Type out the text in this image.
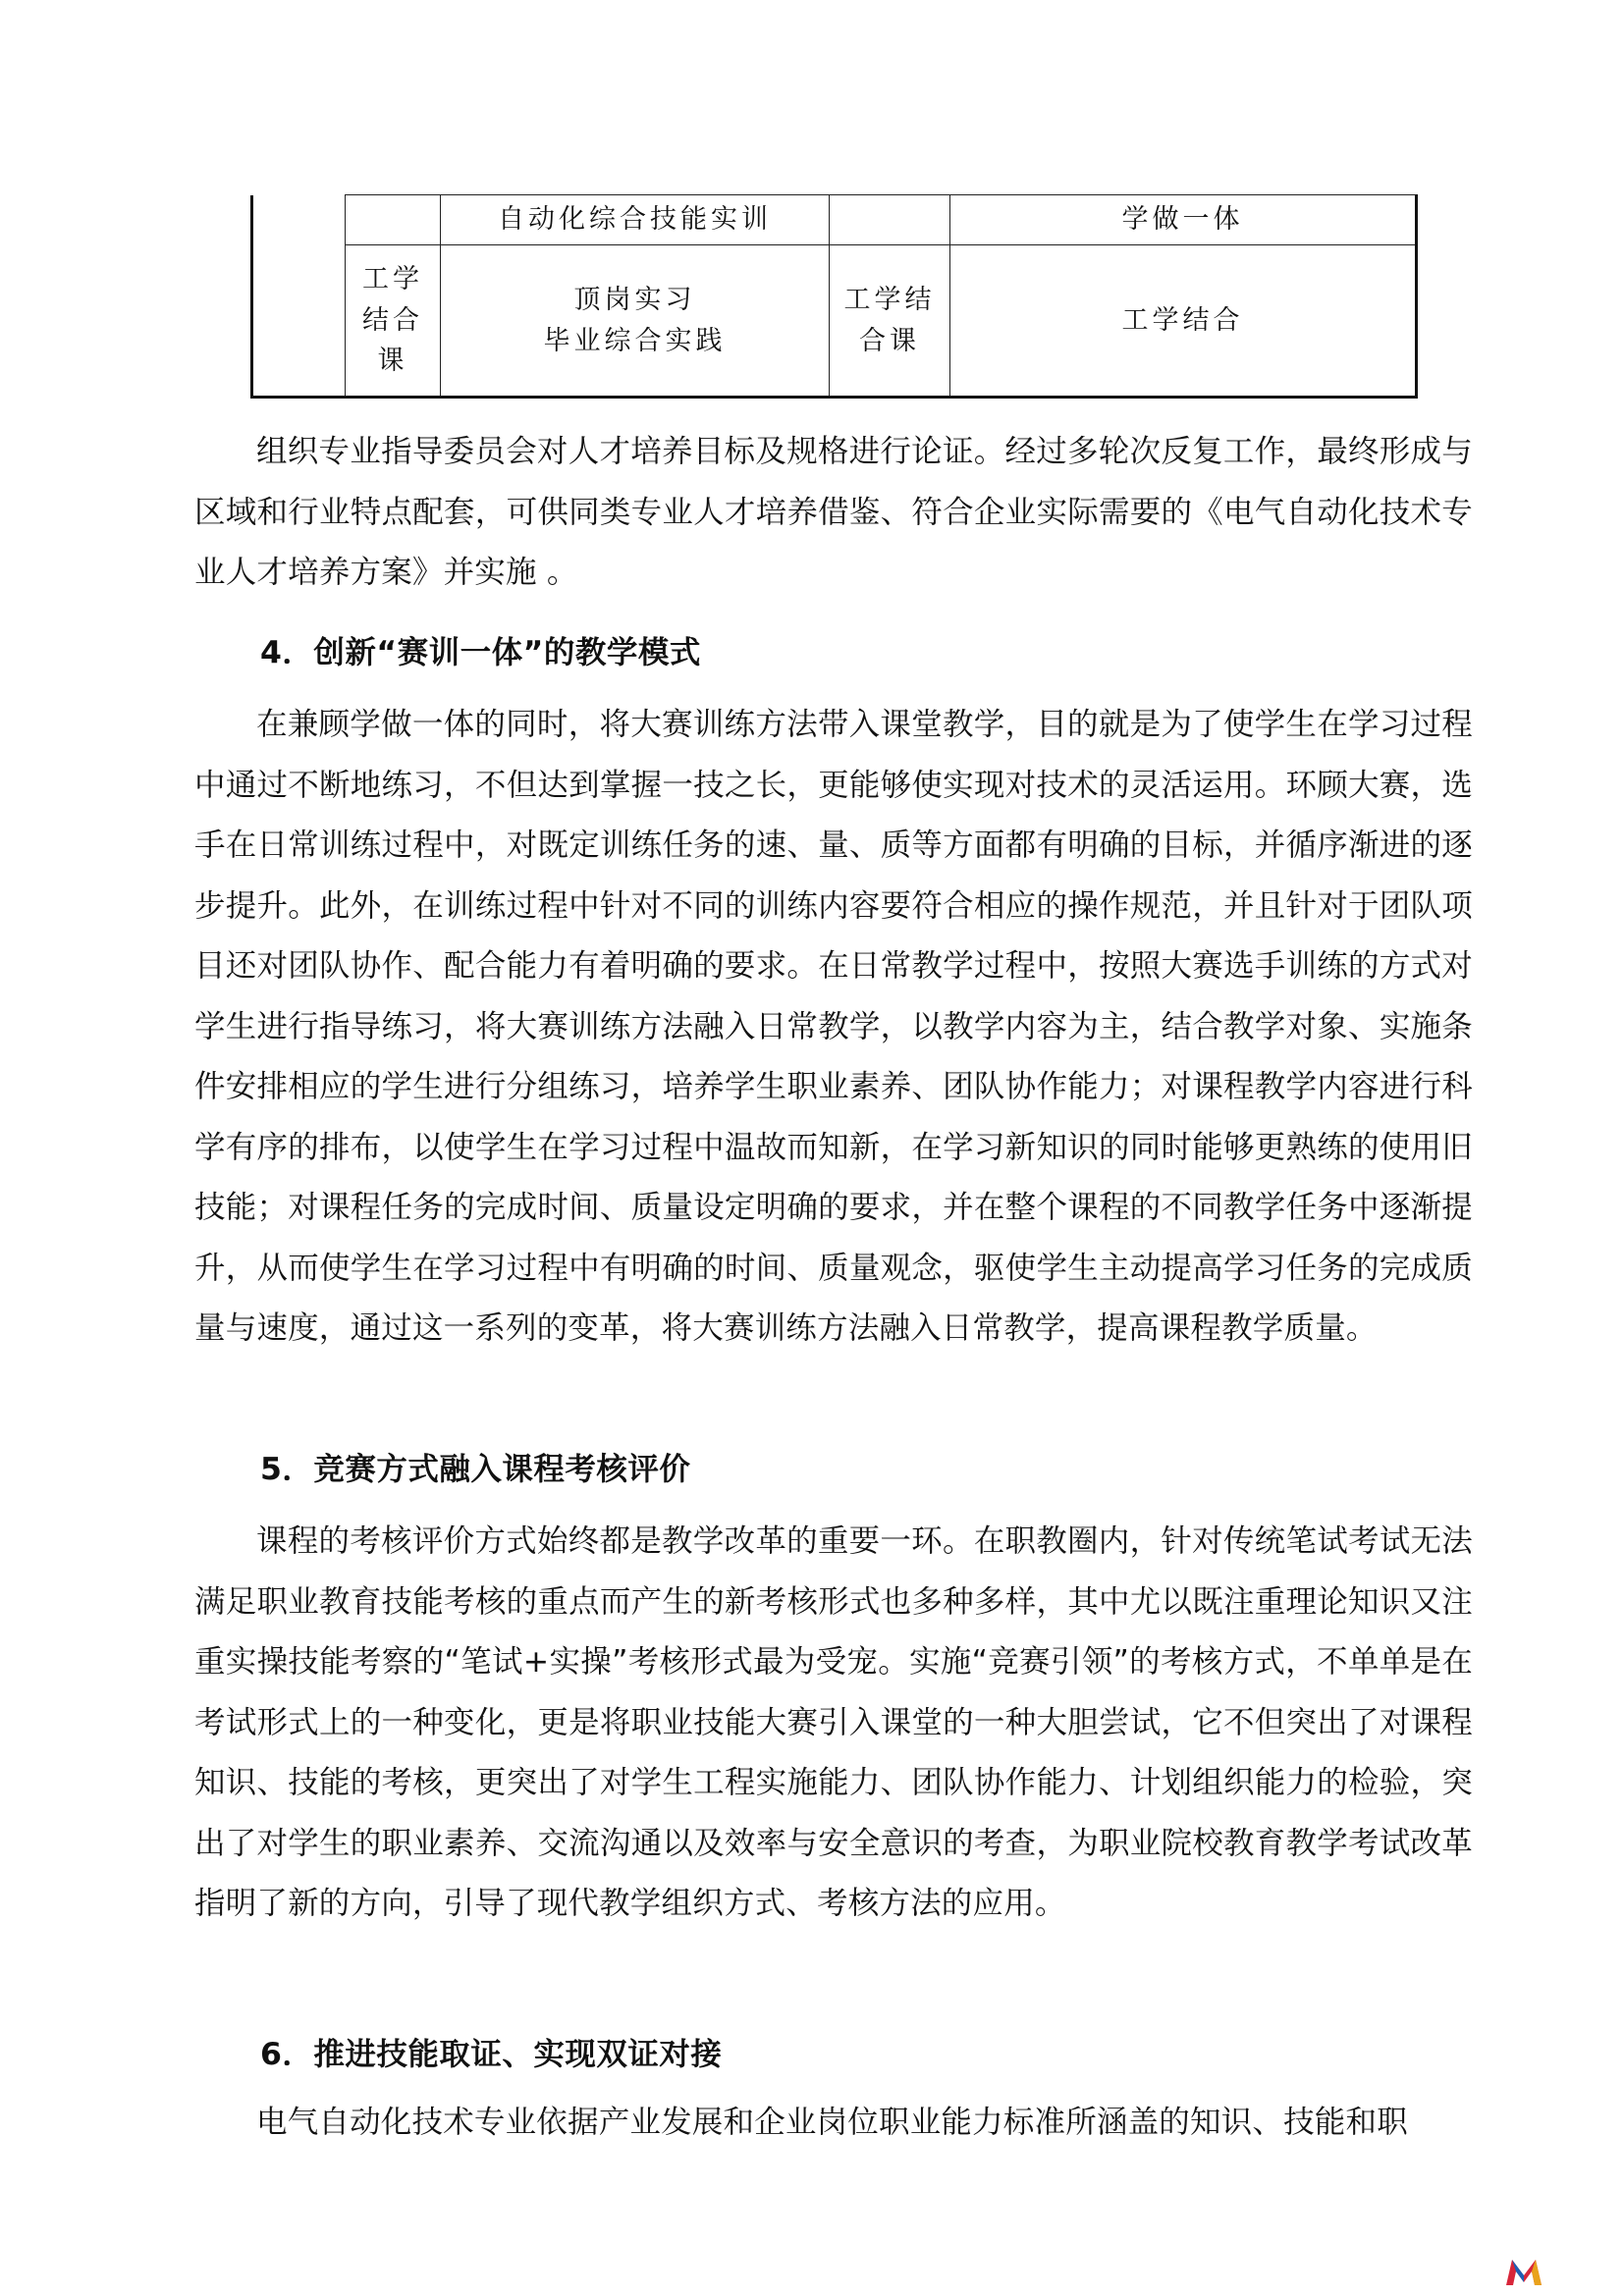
		自动化综合技能实训		学做一体

	工学
结合
课	顶岗实习
毕业综合实践	工学结
合课	工学结合

组织专业指导委员会对人才培养目标及规格进行论证。经过多轮次反复工作，最终形成与区域和行业特点配套，可供同类专业人才培养借鉴、符合企业实际需要的《电气自动化技术专业人才培养方案》并实施 。

4．创新“赛训一体”的教学模式

在兼顾学做一体的同时，将大赛训练方法带入课堂教学，目的就是为了使学生在学习过程中通过不断地练习，不但达到掌握一技之长，更能够使实现对技术的灵活运用。环顾大赛，选手在日常训练过程中，对既定训练任务的速、量、质等方面都有明确的目标，并循序渐进的逐步提升。此外，在训练过程中针对不同的训练内容要符合相应的操作规范，并且针对于团队项目还对团队协作、配合能力有着明确的要求。在日常教学过程中，按照大赛选手训练的方式对学生进行指导练习，将大赛训练方法融入日常教学，以教学内容为主，结合教学对象、实施条件安排相应的学生进行分组练习，培养学生职业素养、团队协作能力；对课程教学内容进行科学有序的排布，以使学生在学习过程中温故而知新，在学习新知识的同时能够更熟练的使用旧技能；对课程任务的完成时间、质量设定明确的要求，并在整个课程的不同教学任务中逐渐提升，从而使学生在学习过程中有明确的时间、质量观念，驱使学生主动提高学习任务的完成质量与速度，通过这一系列的变革，将大赛训练方法融入日常教学，提高课程教学质量。

5．竞赛方式融入课程考核评价

课程的考核评价方式始终都是教学改革的重要一环。在职教圈内，针对传统笔试考试无法满足职业教育技能考核的重点而产生的新考核形式也多种多样，其中尤以既注重理论知识又注重实操技能考察的“笔试+实操”考核形式最为受宠。实施“竞赛引领”的考核方式，不单单是在考试形式上的一种变化，更是将职业技能大赛引入课堂的一种大胆尝试，它不但突出了对课程知识、技能的考核，更突出了对学生工程实施能力、团队协作能力、计划组织能力的检验，突出了对学生的职业素养、交流沟通以及效率与安全意识的考查，为职业院校教育教学考试改革指明了新的方向，引导了现代教学组织方式、考核方法的应用。

6．推进技能取证、实现双证对接

电气自动化技术专业依据产业发展和企业岗位职业能力标准所涵盖的知识、技能和职
